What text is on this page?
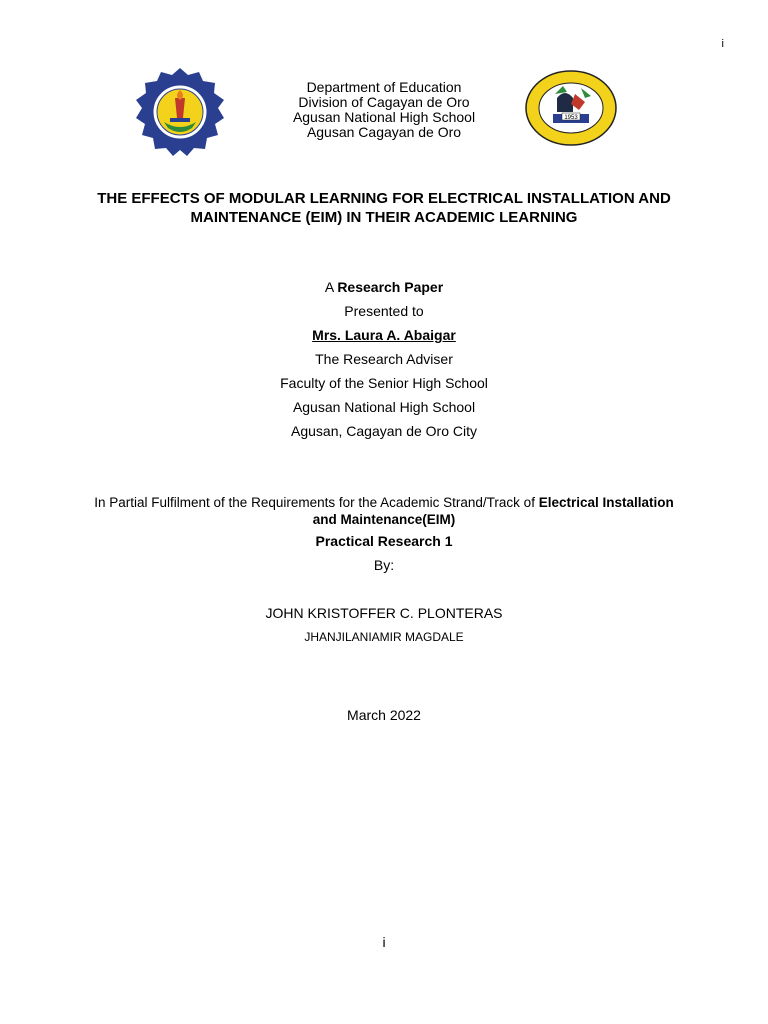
i
1953
Department of Education
Division of Cagayan de Oro
Agusan National High School
Agusan Cagayan de Oro
THE EFFECTS OF MODULAR LEARNING FOR ELECTRICAL INSTALLATION AND
MAINTENANCE (EIM) IN THEIR ACADEMIC LEARNING
A Research Paper
Presented to
Mrs. Laura A. Abaigar
The Research Adviser
Faculty of the Senior High School
Agusan National High School
Agusan, Cagayan de Oro City
In Partial Fulfilment of the Requirements for the Academic Strand/Track of Electrical Installation
and Maintenance(EIM)
Practical Research 1
By:
JOHN KRISTOFFER C. PLONTERAS
JHANJILANIAMIR MAGDALE
March 2022
i
